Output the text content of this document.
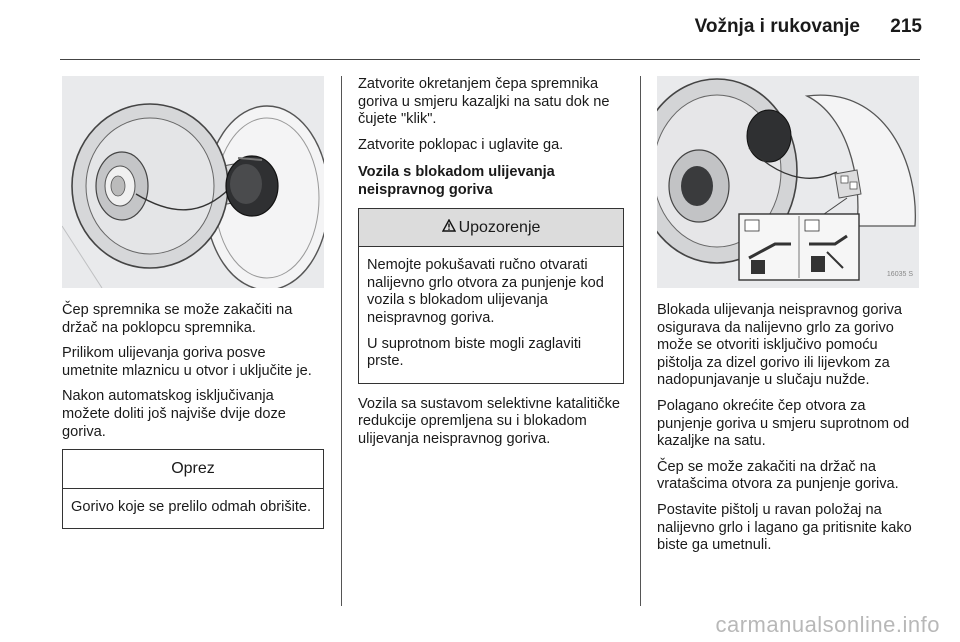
Vožnja i rukovanje	215

Čep spremnika se može zakačiti na držač na poklopcu spremnika.

Prilikom ulijevanja goriva posve umetnite mlaznicu u otvor i uključite je.

Nakon automatskog isključivanja možete doliti još najviše dvije doze goriva.

Oprez

Gorivo koje se prelilo odmah obrišite.

Zatvorite okretanjem čepa spremnika goriva u smjeru kazaljki na satu dok ne čujete "klik".

Zatvorite poklopac i uglavite ga.

Vozila s blokadom ulijevanja neispravnog goriva
Upozorenje

Nemojte pokušavati ručno otvarati nalijevno grlo otvora za punjenje kod vozila s blokadom ulijevanja neispravnog goriva.

U suprotnom biste mogli zaglaviti prste.

Vozila sa sustavom selektivne katalitičke redukcije opremljena su i blokadom ulijevanja neispravnog goriva.

16035 S

Blokada ulijevanja neispravnog goriva osigurava da nalijevno grlo za gorivo može se otvoriti isključivo pomoću pištolja za dizel gorivo ili lijevkom za nadopunjavanje u slučaju nužde.

Polagano okrećite čep otvora za punjenje goriva u smjeru suprotnom od kazaljke na satu.

Čep se može zakačiti na držač na vratašcima otvora za punjenje goriva.

Postavite pištolj u ravan položaj na nalijevno grlo i lagano ga pritisnite kako biste ga umetnuli.

carmanualsonline.info
